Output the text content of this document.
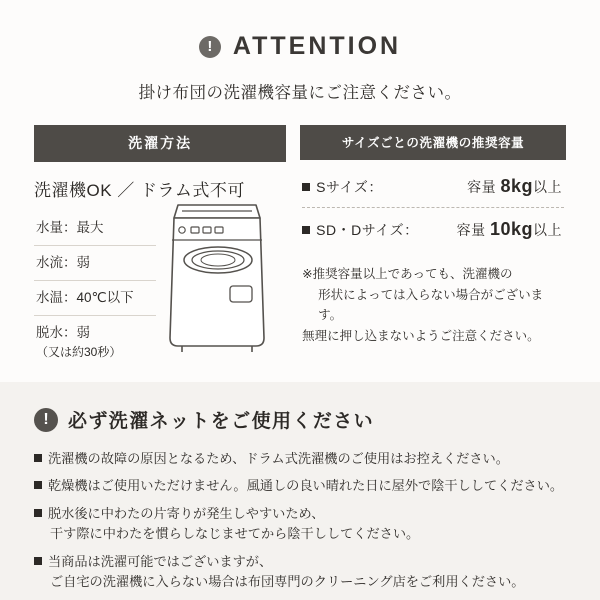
! ATTENTION
掛け布団の洗濯機容量にご注意ください。
洗濯方法
洗濯機OK ／ ドラム式不可
水量：最大
水流：弱
水温：40℃以下
脱水：弱
（又は約30秒）
サイズごとの洗濯機の推奨容量
Sサイズ：	容量 8kg以上
SD・Dサイズ：	容量 10kg以上
※推奨容量以上であっても、洗濯機の
形状によっては入らない場合がございます。
無理に押し込まないようご注意ください。
!	必ず洗濯ネットをご使用ください
洗濯機の故障の原因となるため、ドラム式洗濯機のご使用はお控えください。
乾燥機はご使用いただけません。風通しの良い晴れた日に屋外で陰干ししてください。
脱水後に中わたの片寄りが発生しやすいため、
干す際に中わたを慣らしなじませてから陰干ししてください。
当商品は洗濯可能ではございますが、
ご自宅の洗濯機に入らない場合は布団専門のクリーニング店をご利用ください。
